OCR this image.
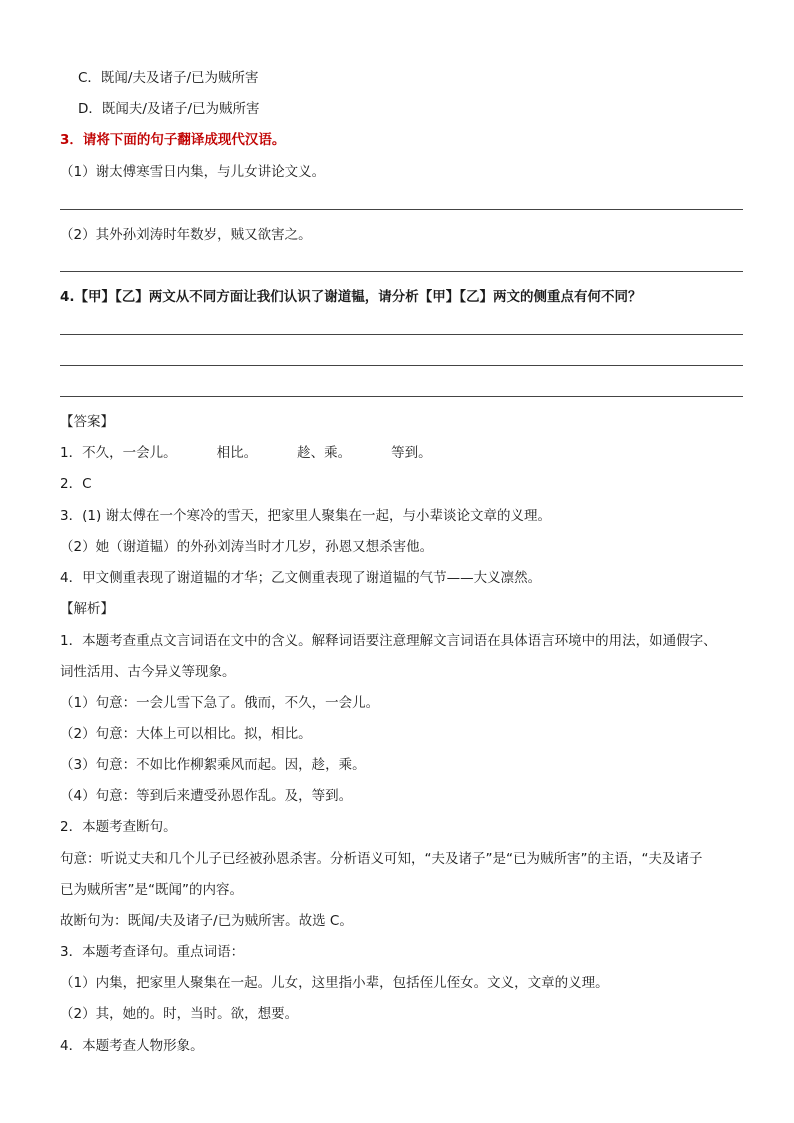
C．既闻/夫及诸子/已为贼所害
D．既闻夫/及诸子/已为贼所害
3．请将下面的句子翻译成现代汉语。
（1）谢太傅寒雪日内集，与儿女讲论文义。
（2）其外孙刘涛时年数岁，贼又欲害之。
4.【甲】【乙】两文从不同方面让我们认识了谢道韫，请分析【甲】【乙】两文的侧重点有何不同？
【答案】
1．不久，一会儿。	相比。	趁、乘。	等到。
2．C
3．(1) 谢太傅在一个寒冷的雪天，把家里人聚集在一起，与小辈谈论文章的义理。
（2）她（谢道韫）的外孙刘涛当时才几岁，孙恩又想杀害他。
4．甲文侧重表现了谢道韫的才华；乙文侧重表现了谢道韫的气节——大义凛然。
【解析】
1．本题考查重点文言词语在文中的含义。解释词语要注意理解文言词语在具体语言环境中的用法，如通假字、
词性活用、古今异义等现象。
（1）句意：一会儿雪下急了。俄而，不久，一会儿。
（2）句意：大体上可以相比。拟，相比。
（3）句意：不如比作柳絮乘风而起。因，趁，乘。
（4）句意：等到后来遭受孙恩作乱。及，等到。
2．本题考查断句。
句意：听说丈夫和几个儿子已经被孙恩杀害。分析语义可知，“夫及诸子”是“已为贼所害”的主语，“夫及诸子
已为贼所害”是“既闻”的内容。
故断句为：既闻/夫及诸子/已为贼所害。故选 C。
3．本题考查译句。重点词语：
（1）内集，把家里人聚集在一起。儿女，这里指小辈，包括侄儿侄女。文义，文章的义理。
（2）其，她的。时，当时。欲，想要。
4．本题考查人物形象。
